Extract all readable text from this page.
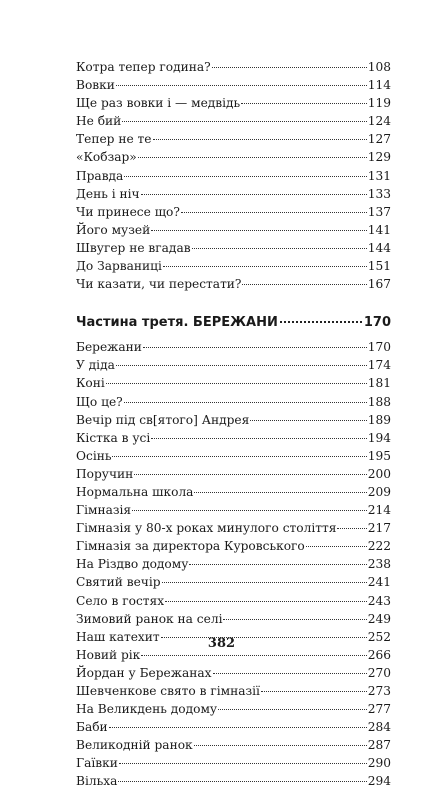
Котра тепер година?	108
Вовки	114
Ще раз вовки і — медвідь	119
Не бий	124
Тепер не те	127
«Кобзар»	129
Правда	131
День і ніч	133
Чи принесе що?	137
Його музей	141
Швугер не вгадав	144
До Зарваниці	151
Чи казати, чи перестати?	167
Частина третя. БЕРЕЖАНИ	170
Бережани	170
У діда	174
Коні	181
Що це?	188
Вечір під св[ятого] Андрея	189
Кістка в усі	194
Осінь	195
Поручин	200
Нормальна школа	209
Гімназія	214
Гімназія у 80-х роках минулого століття	217
Гімназія за директора Куровського	222
На Різдво додому	238
Святий вечір	241
Село в гостях	243
Зимовий ранок на селі	249
Наш катехит	252
Новий рік	266
Йордан у Бережанах	270
Шевченкове свято в гімназії	273
На Великдень додому	277
Баби	284
Великодній ранок	287
Гаївки	290
Вільха	294
382
